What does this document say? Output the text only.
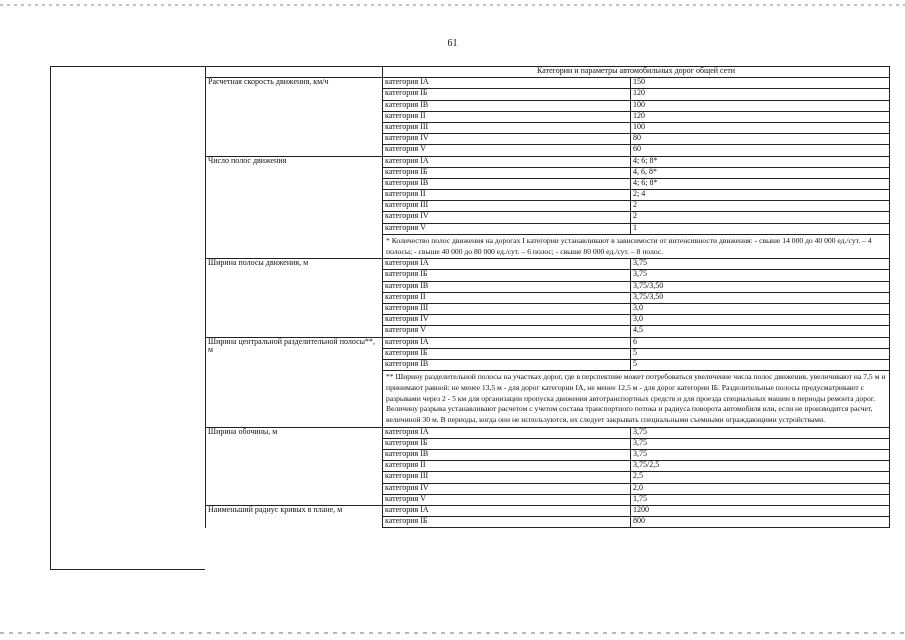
61
	Категории и параметры автомобильных дорог общей сети	
Расчетная скорость движения, км/ч	категория IA	150
	категория IБ	120
	категория IВ	100
	категория II	120
	категория III	100
	категория IV	80
	категория V	60
Число полос движения	категория IA	4; 6; 8*
	категория IБ	4, 6, 8*
	категория IВ	4; 6; 8*
	категория II	2; 4
	категория III	2
	категория IV	2
	категория V	1
	* Количество полос движения на дорогах I категории устанавливают в зависимости от интенсивности движения: - свыше 14 000 до 40 000 ед./сут. – 4 полосы; - свыше 40 000 до 80 000 ед./сут. – 6 полос; - свыше 80 000 ед./сут. – 8 полос.	
Ширина полосы движения, м	категория IA	3,75
	категория IБ	3,75
	категория IВ	3,75/3,50
	категория II	3,75/3,50
	категория III	3,0
	категория IV	3,0
	категория V	4,5
Ширина центральной разделительной полосы**, м	категория IA	6
	категория IБ	5
	категория IВ	5
	** Ширину разделительной полосы на участках дорог, где в перспективе может потребоваться увеличение числа полос движения, увеличивают на 7,5 м и принимают равной: не менее 13,5 м - для дорог категории IA, не менее 12,5 м - для дорог категории IБ. Разделительные полосы предусматривают с разрывами через 2 - 5 км для организации пропуска движения автотранспортных средств и для проезда специальных машин в периоды ремонта дорог. Величину разрыва устанавливают расчетом с учетом состава транспортного потока и радиуса поворота автомобиля или, если не производится расчет, величиной 30 м. В периоды, когда они не используются, их следует закрывать специальными съемными ограждающими устройствами.	
Ширина обочины, м	категория IA	3,75
	категория IБ	3,75
	категория IВ	3,75
	категория II	3,75/2,5
	категория III	2,5
	категория IV	2,0
	категория V	1,75
Наименьший радиус кривых в плане, м	категория IA	1200
	категория IБ	800
